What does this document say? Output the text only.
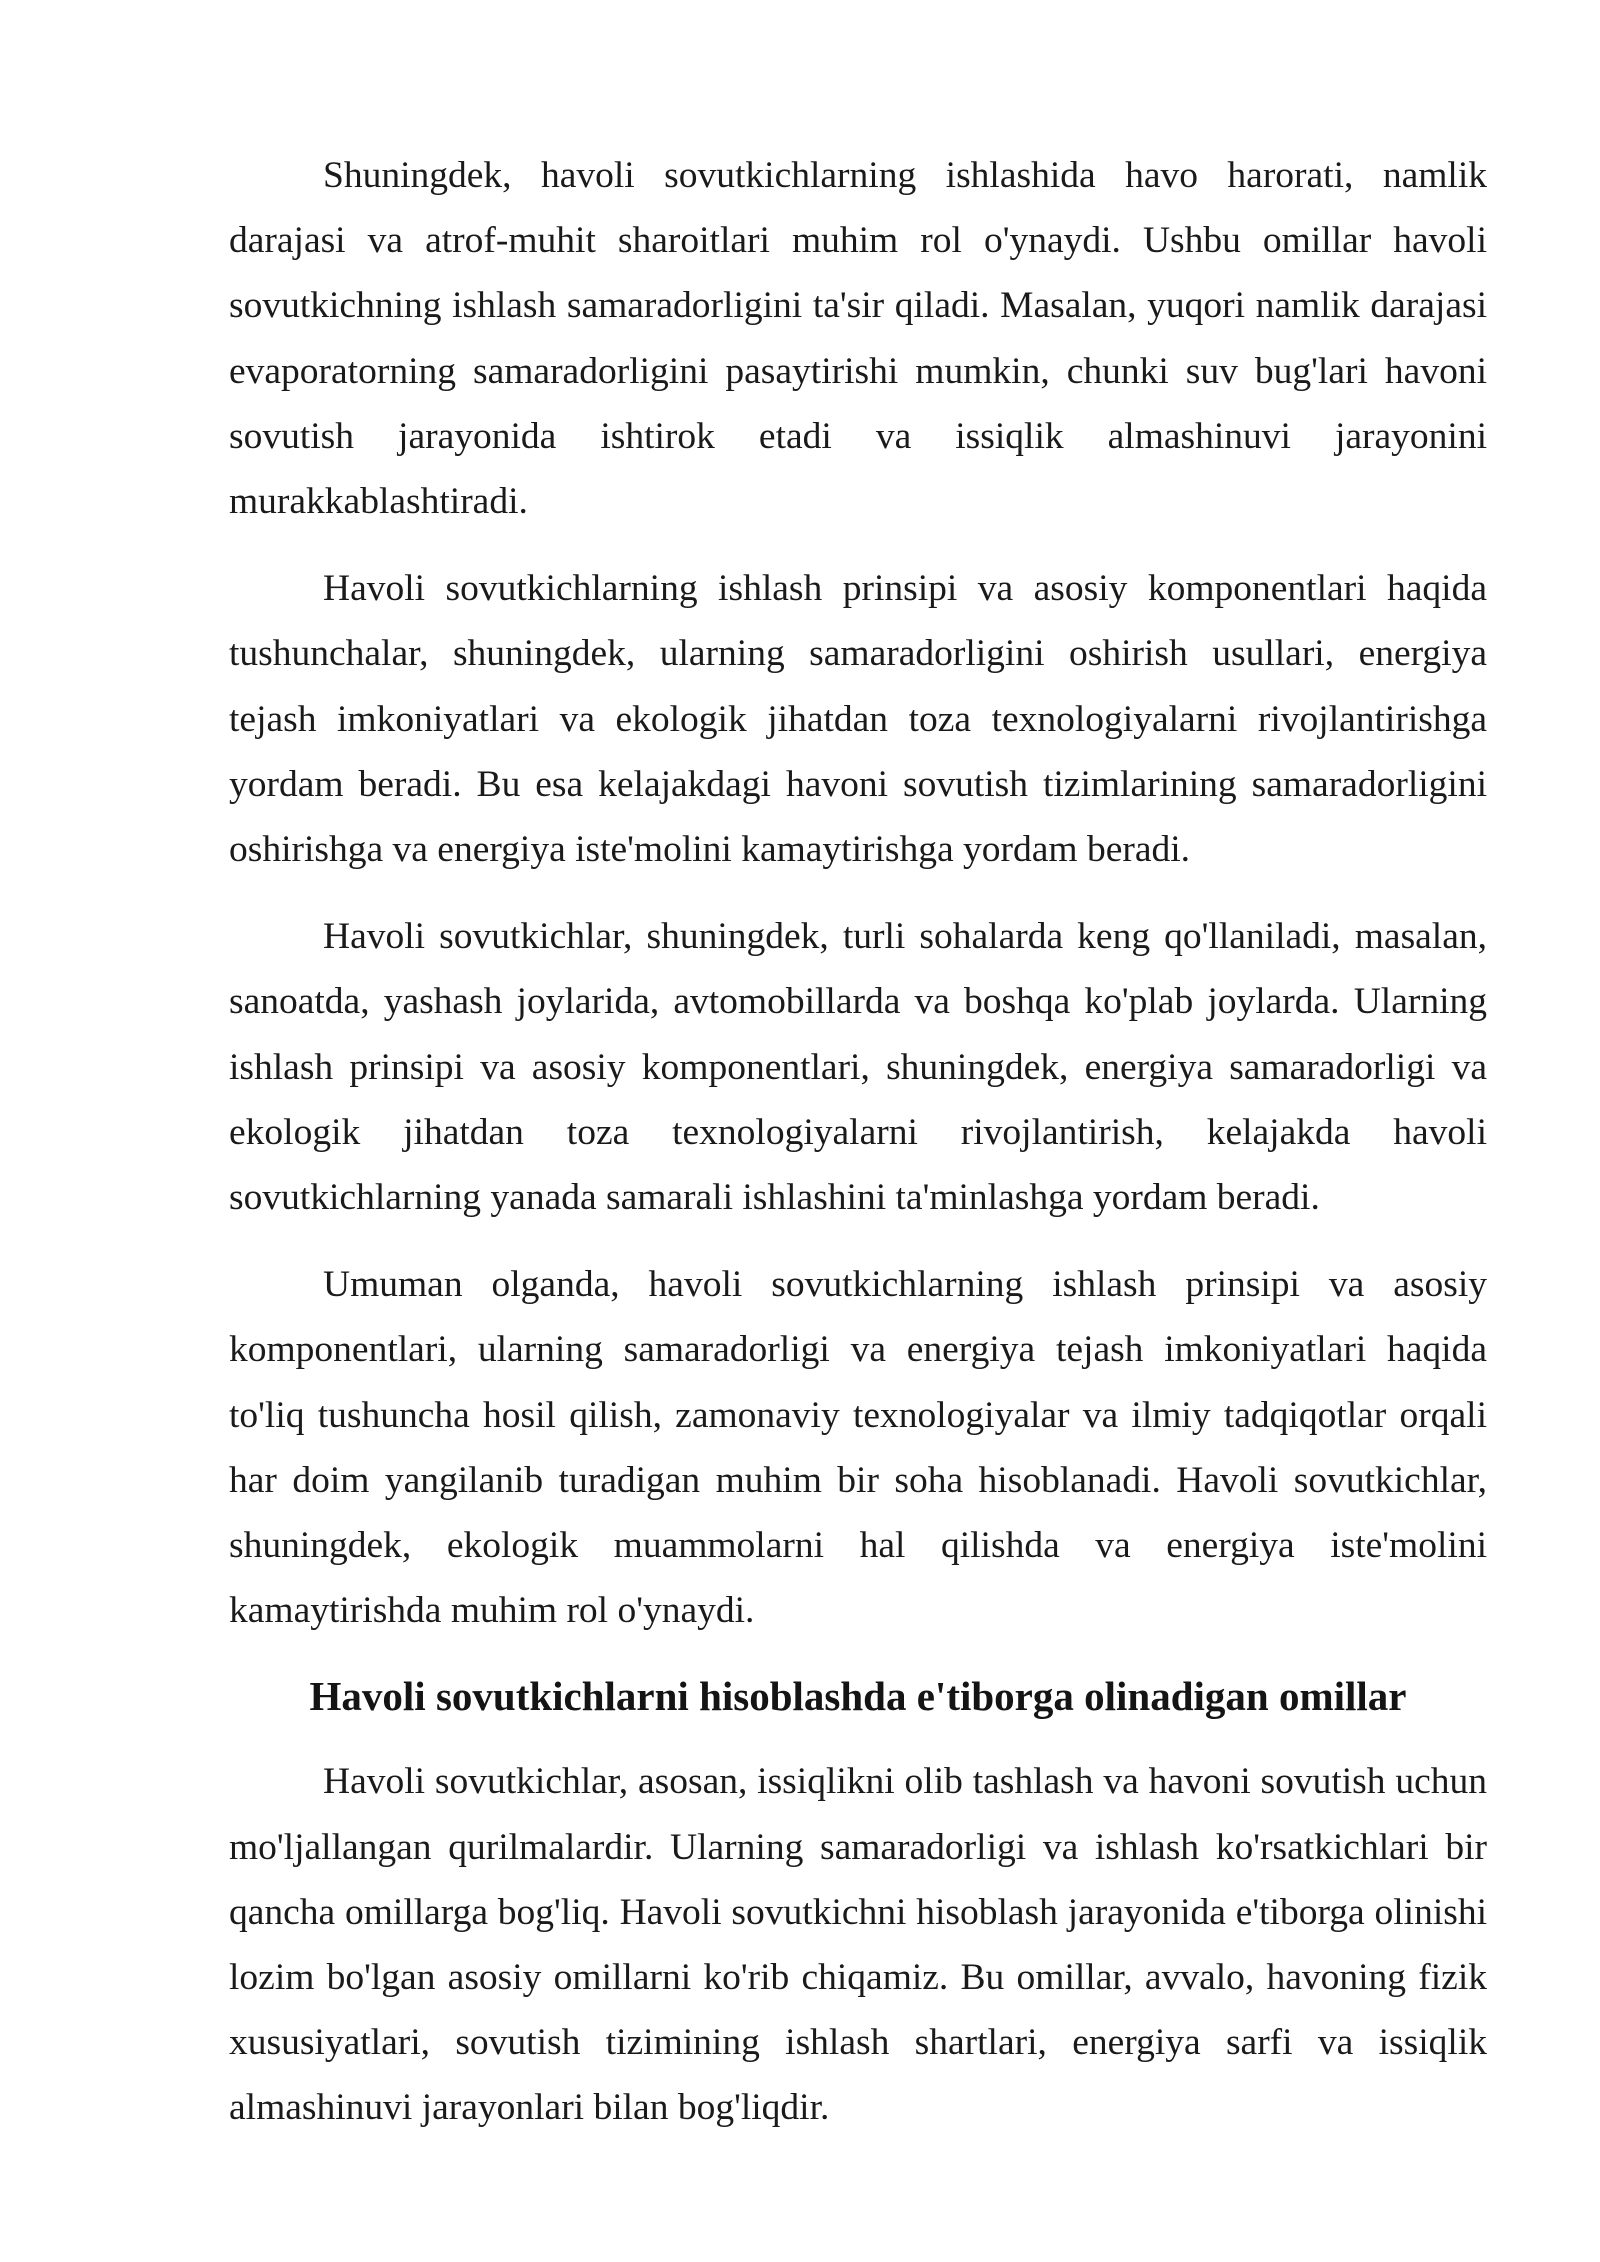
Shuningdek, havoli sovutkichlarning ishlashida havo harorati, namlik darajasi va atrof-muhit sharoitlari muhim rol o'ynaydi. Ushbu omillar havoli sovutkichning ishlash samaradorligini ta'sir qiladi. Masalan, yuqori namlik darajasi evaporatorning samaradorligini pasaytirishi mumkin, chunki suv bug'lari havoni sovutish jarayonida ishtirok etadi va issiqlik almashinuvi jarayonini murakkablashtiradi.

Havoli sovutkichlarning ishlash prinsipi va asosiy komponentlari haqida tushunchalar, shuningdek, ularning samaradorligini oshirish usullari, energiya tejash imkoniyatlari va ekologik jihatdan toza texnologiyalarni rivojlantirishga yordam beradi. Bu esa kelajakdagi havoni sovutish tizimlarining samaradorligini oshirishga va energiya iste'molini kamaytirishga yordam beradi.

Havoli sovutkichlar, shuningdek, turli sohalarda keng qo'llaniladi, masalan, sanoatda, yashash joylarida, avtomobillarda va boshqa ko'plab joylarda. Ularning ishlash prinsipi va asosiy komponentlari, shuningdek, energiya samaradorligi va ekologik jihatdan toza texnologiyalarni rivojlantirish, kelajakda havoli sovutkichlarning yanada samarali ishlashini ta'minlashga yordam beradi.

Umuman olganda, havoli sovutkichlarning ishlash prinsipi va asosiy komponentlari, ularning samaradorligi va energiya tejash imkoniyatlari haqida to'liq tushuncha hosil qilish, zamonaviy texnologiyalar va ilmiy tadqiqotlar orqali har doim yangilanib turadigan muhim bir soha hisoblanadi. Havoli sovutkichlar, shuningdek, ekologik muammolarni hal qilishda va energiya iste'molini kamaytirishda muhim rol o'ynaydi.

Havoli sovutkichlarni hisoblashda e'tiborga olinadigan omillar

Havoli sovutkichlar, asosan, issiqlikni olib tashlash va havoni sovutish uchun mo'ljallangan qurilmalardir. Ularning samaradorligi va ishlash ko'rsatkichlari bir qancha omillarga bog'liq. Havoli sovutkichni hisoblash jarayonida e'tiborga olinishi lozim bo'lgan asosiy omillarni ko'rib chiqamiz. Bu omillar, avvalo, havoning fizik xususiyatlari, sovutish tizimining ishlash shartlari, energiya sarfi va issiqlik almashinuvi jarayonlari bilan bog'liqdir.
